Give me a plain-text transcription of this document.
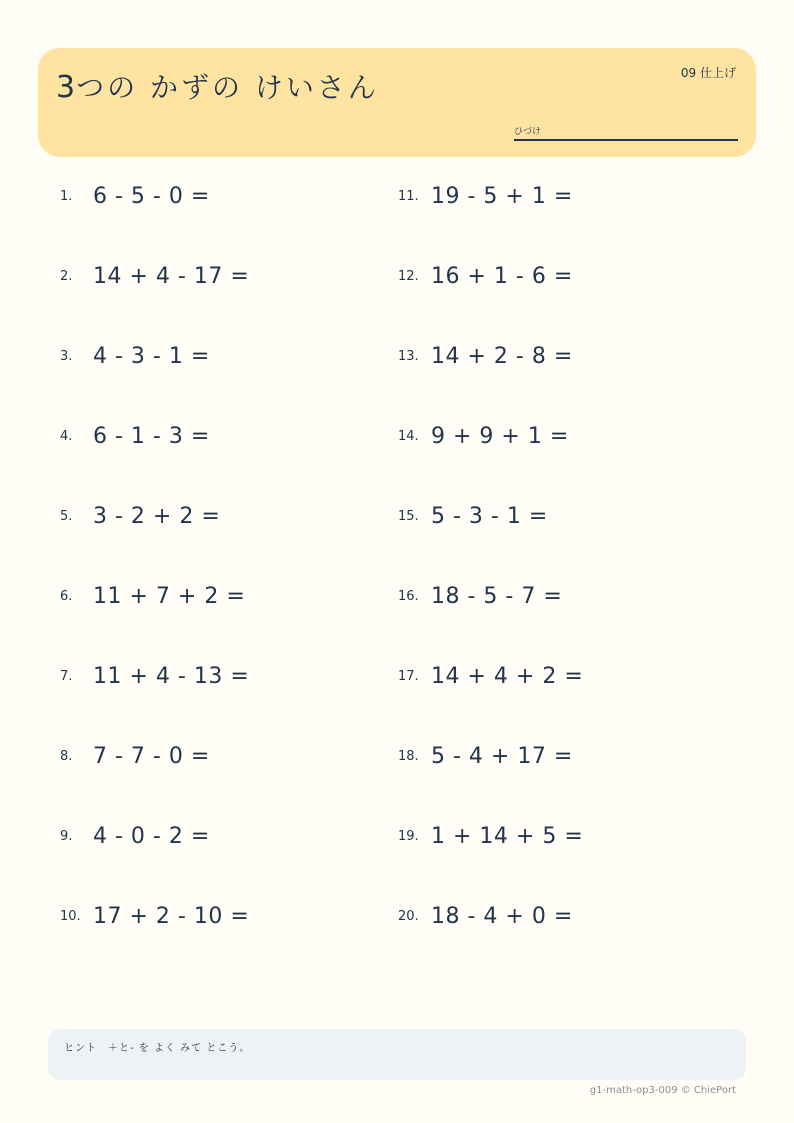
3つの かずの けいさん	09 仕上げ
ひづけ
1. 6 - 5 - 0 =
2. 14 + 4 - 17 =
3. 4 - 3 - 1 =
4. 6 - 1 - 3 =
5. 3 - 2 + 2 =
6. 11 + 7 + 2 =
7. 11 + 4 - 13 =
8. 7 - 7 - 0 =
9. 4 - 0 - 2 =
10. 17 + 2 - 10 =
11. 19 - 5 + 1 =
12. 16 + 1 - 6 =
13. 14 + 2 - 8 =
14. 9 + 9 + 1 =
15. 5 - 3 - 1 =
16. 18 - 5 - 7 =
17. 14 + 4 + 2 =
18. 5 - 4 + 17 =
19. 1 + 14 + 5 =
20. 18 - 4 + 0 =
ヒント　＋と- を よく みて とこう。
g1-math-op3-009 © ChiePort
